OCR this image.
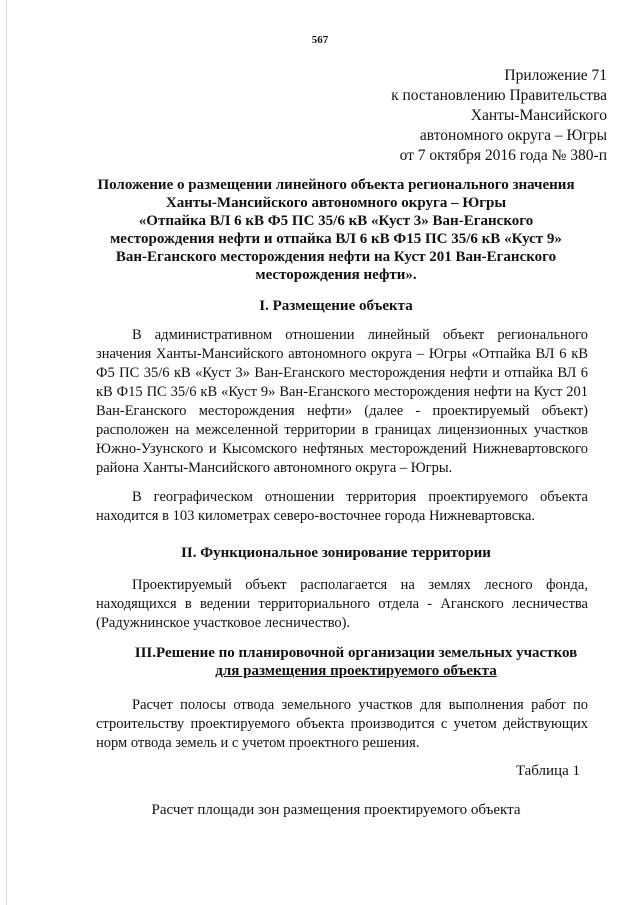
567
Приложение 71
к постановлению Правительства
Ханты-Мансийского
автономного округа – Югры
от 7 октября 2016 года № 380-п
Положение о размещении линейного объекта регионального значения
Ханты-Мансийского автономного округа – Югры
«Отпайка ВЛ 6 кВ Ф5 ПС 35/6 кВ «Куст 3» Ван-Еганского
месторождения нефти и отпайка ВЛ 6 кВ Ф15 ПС 35/6 кВ «Куст 9»
Ван-Еганского месторождения нефти на Куст 201 Ван-Еганского
месторождения нефти».
I. Размещение объекта

В административном отношении линейный объект регионального значения Ханты-Мансийского автономного округа – Югры «Отпайка ВЛ 6 кВ Ф5 ПС 35/6 кВ «Куст 3» Ван-Еганского месторождения нефти и отпайка ВЛ 6 кВ Ф15 ПС 35/6 кВ «Куст 9» Ван-Еганского месторождения нефти на Куст 201 Ван-Еганского месторождения нефти» (далее - проектируемый объект) расположен на межселенной территории в границах лицензионных участков Южно-Узунского и Кысомского нефтяных месторождений Нижневартовского района Ханты-Мансийского автономного округа – Югры.

В географическом отношении территория проектируемого объекта находится в 103 километрах северо-восточнее города Нижневартовска.

II. Функциональное зонирование территории

Проектируемый объект располагается на землях лесного фонда, находящихся в ведении территориального отдела - Аганского лесничества (Радужнинское участковое лесничество).

III.Решение по планировочной организации земельных участков
для размещения проектируемого объекта

Расчет полосы отвода земельного участков для выполнения работ по строительству проектируемого объекта производится с учетом действующих норм отвода земель и с учетом проектного решения.

Таблица 1
Расчет площади зон размещения проектируемого объекта
